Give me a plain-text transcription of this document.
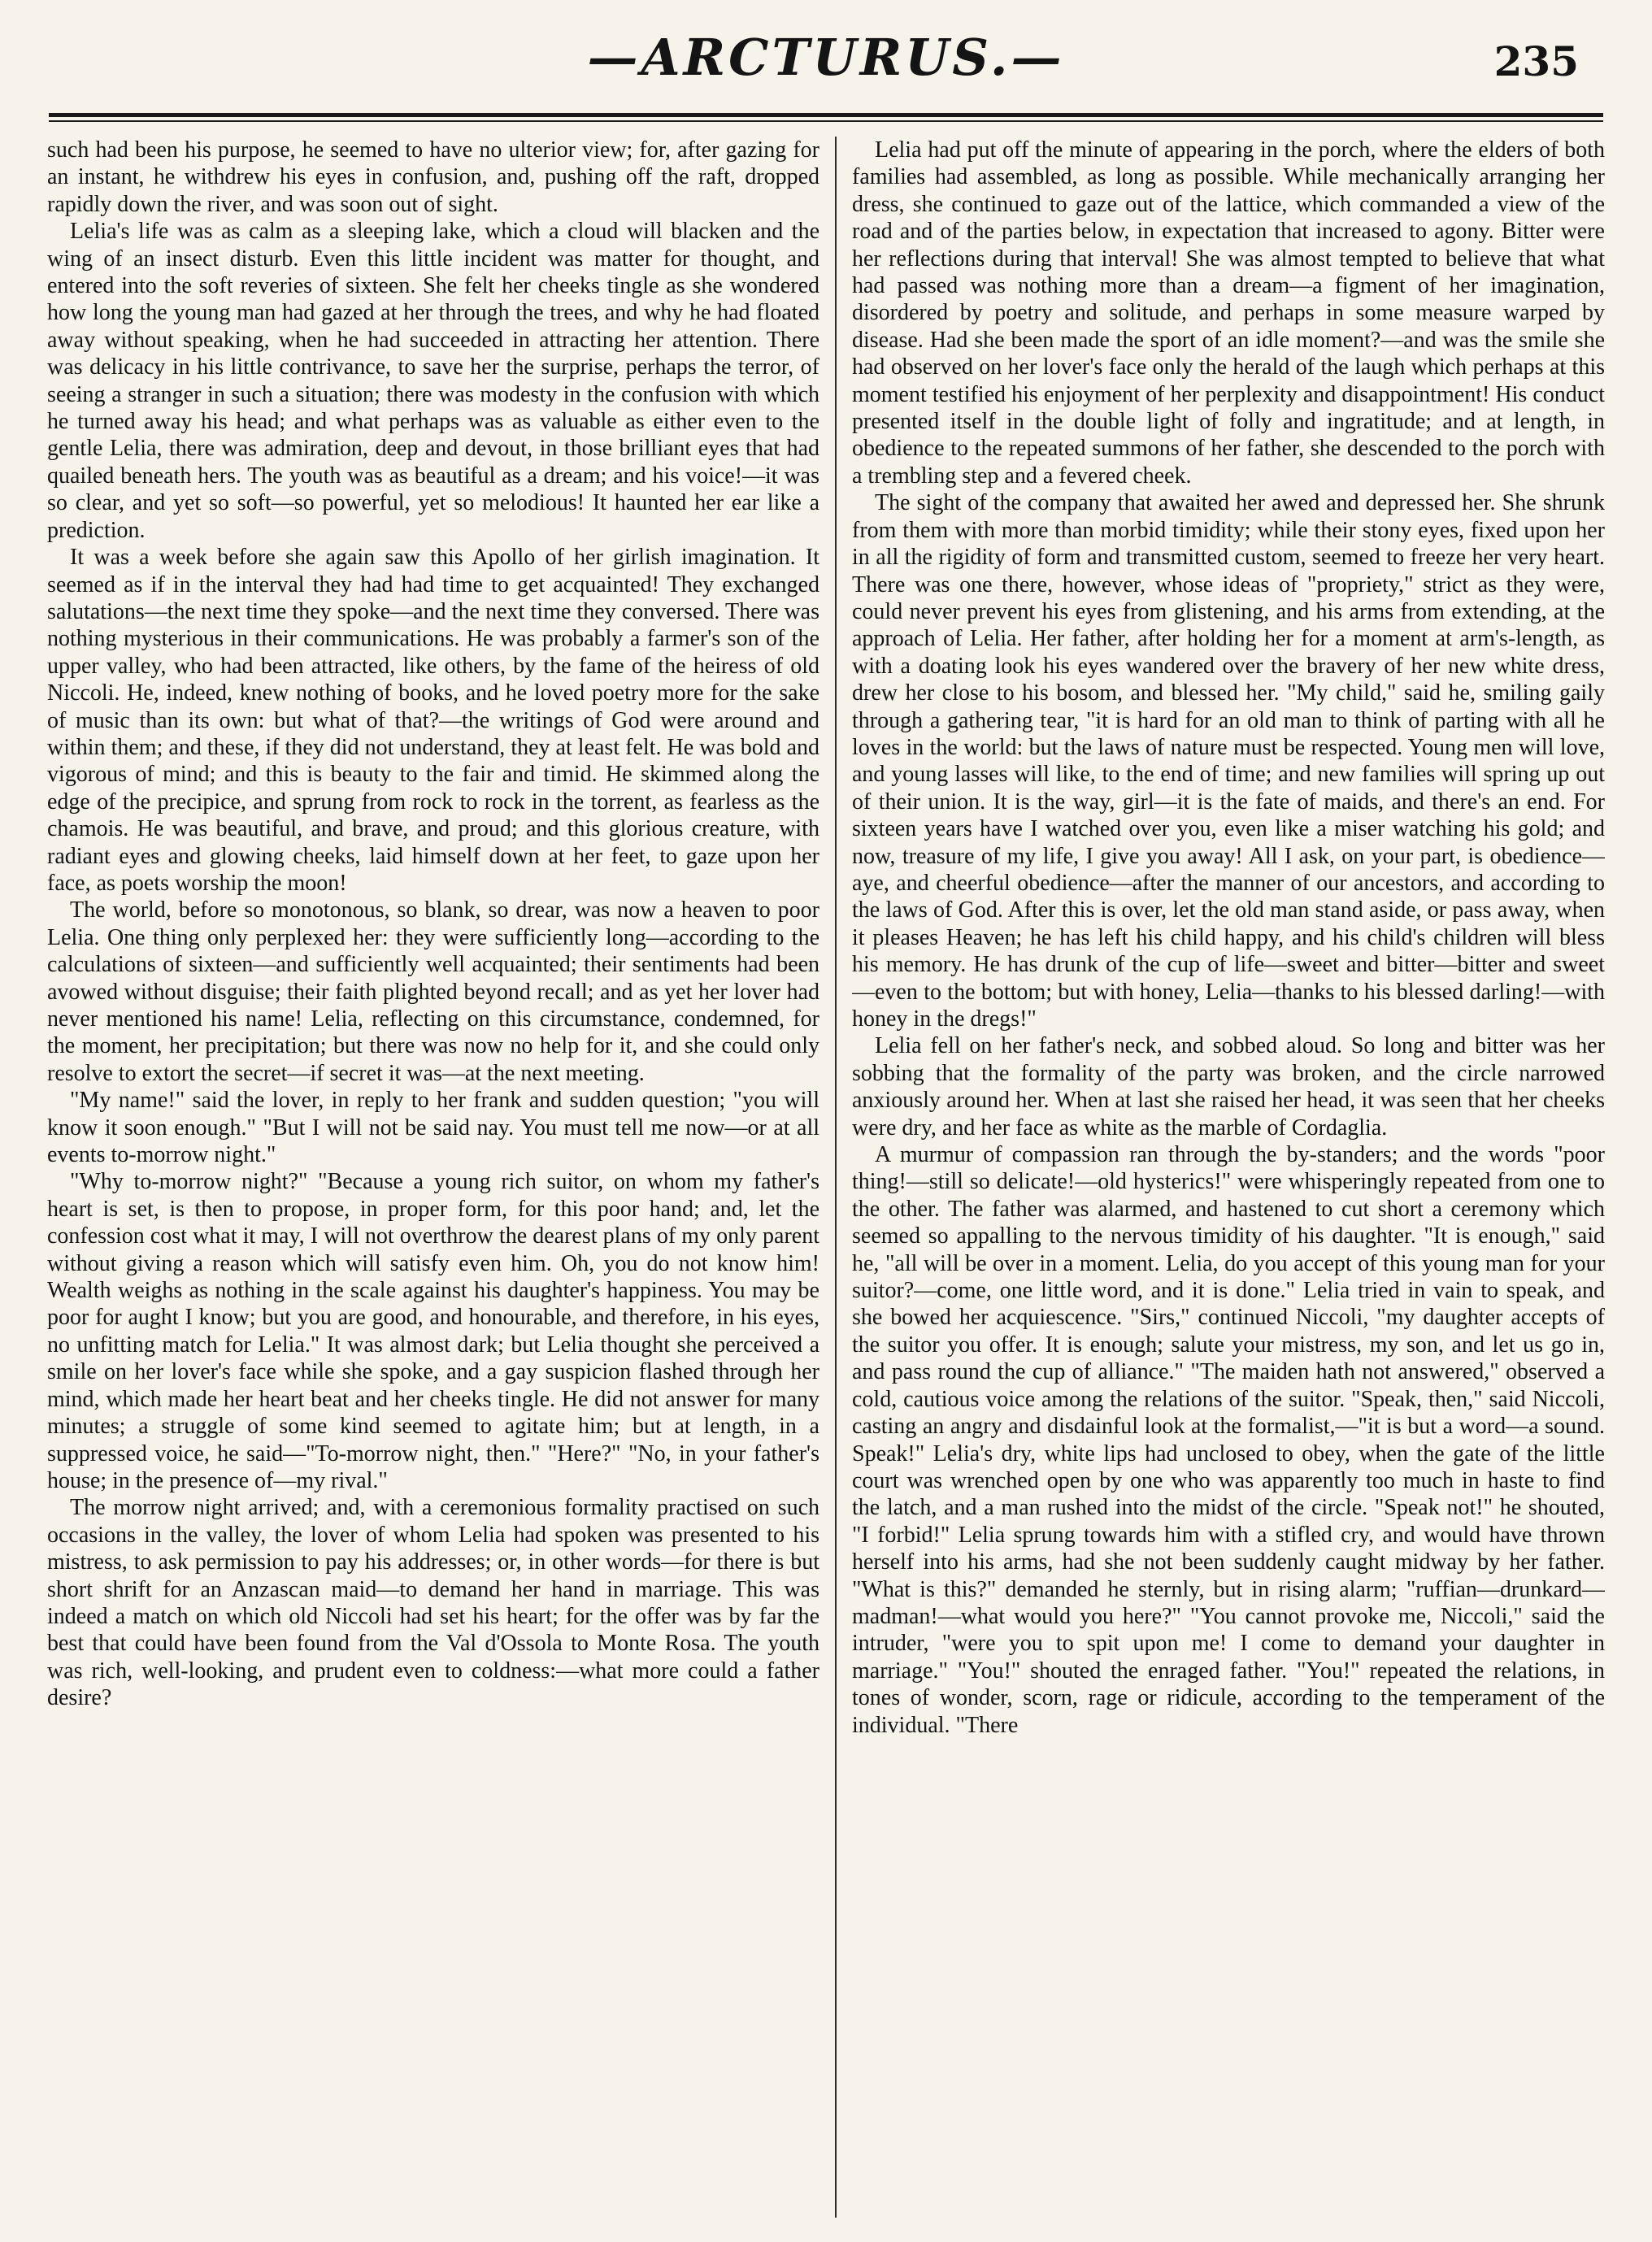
—ARCTURUS.—	235

such had been his purpose, he seemed to have no ulterior view; for, after gazing for an instant, he withdrew his eyes in confusion, and, pushing off the raft, dropped rapidly down the river, and was soon out of sight.

Lelia's life was as calm as a sleeping lake, which a cloud will blacken and the wing of an insect disturb. Even this little incident was matter for thought, and entered into the soft reveries of sixteen. She felt her cheeks tingle as she wondered how long the young man had gazed at her through the trees, and why he had floated away without speaking, when he had succeeded in attracting her attention. There was delicacy in his little contrivance, to save her the surprise, perhaps the terror, of seeing a stranger in such a situation; there was modesty in the confusion with which he turned away his head; and what perhaps was as valuable as either even to the gentle Lelia, there was admiration, deep and devout, in those brilliant eyes that had quailed beneath hers. The youth was as beautiful as a dream; and his voice!—it was so clear, and yet so soft—so powerful, yet so melodious! It haunted her ear like a prediction.

It was a week before she again saw this Apollo of her girlish imagination. It seemed as if in the interval they had had time to get acquainted! They exchanged salutations—the next time they spoke—and the next time they conversed. There was nothing mysterious in their communications. He was probably a farmer's son of the upper valley, who had been attracted, like others, by the fame of the heiress of old Niccoli. He, indeed, knew nothing of books, and he loved poetry more for the sake of music than its own: but what of that?—the writings of God were around and within them; and these, if they did not understand, they at least felt. He was bold and vigorous of mind; and this is beauty to the fair and timid. He skimmed along the edge of the precipice, and sprung from rock to rock in the torrent, as fearless as the chamois. He was beautiful, and brave, and proud; and this glorious creature, with radiant eyes and glowing cheeks, laid himself down at her feet, to gaze upon her face, as poets worship the moon!

The world, before so monotonous, so blank, so drear, was now a heaven to poor Lelia. One thing only perplexed her: they were sufficiently long—according to the calculations of sixteen—and sufficiently well acquainted; their sentiments had been avowed without disguise; their faith plighted beyond recall; and as yet her lover had never mentioned his name! Lelia, reflecting on this circumstance, condemned, for the moment, her precipitation; but there was now no help for it, and she could only resolve to extort the secret—if secret it was—at the next meeting.

"My name!" said the lover, in reply to her frank and sudden question; "you will know it soon enough." "But I will not be said nay. You must tell me now—or at all events to-morrow night."

"Why to-morrow night?" "Because a young rich suitor, on whom my father's heart is set, is then to propose, in proper form, for this poor hand; and, let the confession cost what it may, I will not overthrow the dearest plans of my only parent without giving a reason which will satisfy even him. Oh, you do not know him! Wealth weighs as nothing in the scale against his daughter's happiness. You may be poor for aught I know; but you are good, and honourable, and therefore, in his eyes, no unfitting match for Lelia." It was almost dark; but Lelia thought she perceived a smile on her lover's face while she spoke, and a gay suspicion flashed through her mind, which made her heart beat and her cheeks tingle. He did not answer for many minutes; a struggle of some kind seemed to agitate him; but at length, in a suppressed voice, he said—"To-morrow night, then." "Here?" "No, in your father's house; in the presence of—my rival."

The morrow night arrived; and, with a ceremonious formality practised on such occasions in the valley, the lover of whom Lelia had spoken was presented to his mistress, to ask permission to pay his addresses; or, in other words—for there is but short shrift for an Anzascan maid—to demand her hand in marriage. This was indeed a match on which old Niccoli had set his heart; for the offer was by far the best that could have been found from the Val d'Ossola to Monte Rosa. The youth was rich, well-looking, and prudent even to coldness:—what more could a father desire?

Lelia had put off the minute of appearing in the porch, where the elders of both families had assembled, as long as possible. While mechanically arranging her dress, she continued to gaze out of the lattice, which commanded a view of the road and of the parties below, in expectation that increased to agony. Bitter were her reflections during that interval! She was almost tempted to believe that what had passed was nothing more than a dream—a figment of her imagination, disordered by poetry and solitude, and perhaps in some measure warped by disease. Had she been made the sport of an idle moment?—and was the smile she had observed on her lover's face only the herald of the laugh which perhaps at this moment testified his enjoyment of her perplexity and disappointment! His conduct presented itself in the double light of folly and ingratitude; and at length, in obedience to the repeated summons of her father, she descended to the porch with a trembling step and a fevered cheek.

The sight of the company that awaited her awed and depressed her. She shrunk from them with more than morbid timidity; while their stony eyes, fixed upon her in all the rigidity of form and transmitted custom, seemed to freeze her very heart. There was one there, however, whose ideas of "propriety," strict as they were, could never prevent his eyes from glistening, and his arms from extending, at the approach of Lelia. Her father, after holding her for a moment at arm's-length, as with a doating look his eyes wandered over the bravery of her new white dress, drew her close to his bosom, and blessed her. "My child," said he, smiling gaily through a gathering tear, "it is hard for an old man to think of parting with all he loves in the world: but the laws of nature must be respected. Young men will love, and young lasses will like, to the end of time; and new families will spring up out of their union. It is the way, girl—it is the fate of maids, and there's an end. For sixteen years have I watched over you, even like a miser watching his gold; and now, treasure of my life, I give you away! All I ask, on your part, is obedience—aye, and cheerful obedience—after the manner of our ancestors, and according to the laws of God. After this is over, let the old man stand aside, or pass away, when it pleases Heaven; he has left his child happy, and his child's children will bless his memory. He has drunk of the cup of life—sweet and bitter—bitter and sweet—even to the bottom; but with honey, Lelia—thanks to his blessed darling!—with honey in the dregs!"

Lelia fell on her father's neck, and sobbed aloud. So long and bitter was her sobbing that the formality of the party was broken, and the circle narrowed anxiously around her. When at last she raised her head, it was seen that her cheeks were dry, and her face as white as the marble of Cordaglia.

A murmur of compassion ran through the by-standers; and the words "poor thing!—still so delicate!—old hysterics!" were whisperingly repeated from one to the other. The father was alarmed, and hastened to cut short a ceremony which seemed so appalling to the nervous timidity of his daughter. "It is enough," said he, "all will be over in a moment. Lelia, do you accept of this young man for your suitor?—come, one little word, and it is done." Lelia tried in vain to speak, and she bowed her acquiescence. "Sirs," continued Niccoli, "my daughter accepts of the suitor you offer. It is enough; salute your mistress, my son, and let us go in, and pass round the cup of alliance." "The maiden hath not answered," observed a cold, cautious voice among the relations of the suitor. "Speak, then," said Niccoli, casting an angry and disdainful look at the formalist,—"it is but a word—a sound. Speak!" Lelia's dry, white lips had unclosed to obey, when the gate of the little court was wrenched open by one who was apparently too much in haste to find the latch, and a man rushed into the midst of the circle. "Speak not!" he shouted, "I forbid!" Lelia sprung towards him with a stifled cry, and would have thrown herself into his arms, had she not been suddenly caught midway by her father. "What is this?" demanded he sternly, but in rising alarm; "ruffian—drunkard—madman!—what would you here?" "You cannot provoke me, Niccoli," said the intruder, "were you to spit upon me! I come to demand your daughter in marriage." "You!" shouted the enraged father. "You!" repeated the relations, in tones of wonder, scorn, rage or ridicule, according to the temperament of the individual. "There
